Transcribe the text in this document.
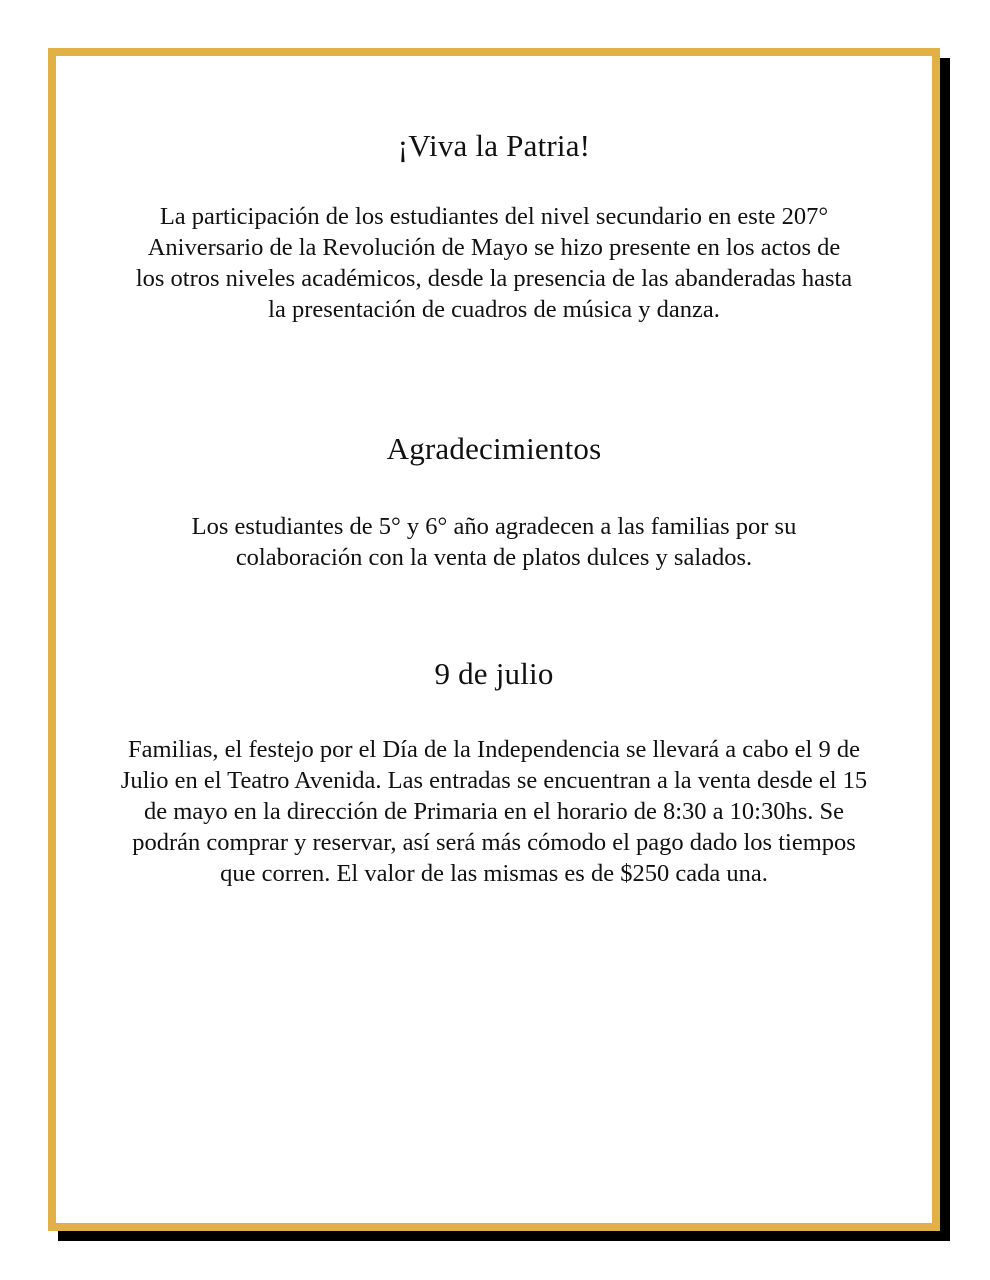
¡Viva la Patria!

La participación de los estudiantes del nivel secundario en este 207° Aniversario de la Revolución de Mayo se hizo presente en los actos de los otros niveles académicos, desde la presencia de las abanderadas hasta la presentación de cuadros de música y danza.

Agradecimientos

Los estudiantes de 5° y 6° año agradecen a las familias por su colaboración con la venta de platos dulces y salados.

9 de julio

Familias, el festejo por el Día de la Independencia se llevará a cabo el 9 de Julio en el Teatro Avenida. Las entradas se encuentran a la venta desde el 15 de mayo en la dirección de Primaria en el horario de 8:30 a 10:30hs. Se podrán comprar y reservar, así será más cómodo el pago dado los tiempos que corren. El valor de las mismas es de $250 cada una.
